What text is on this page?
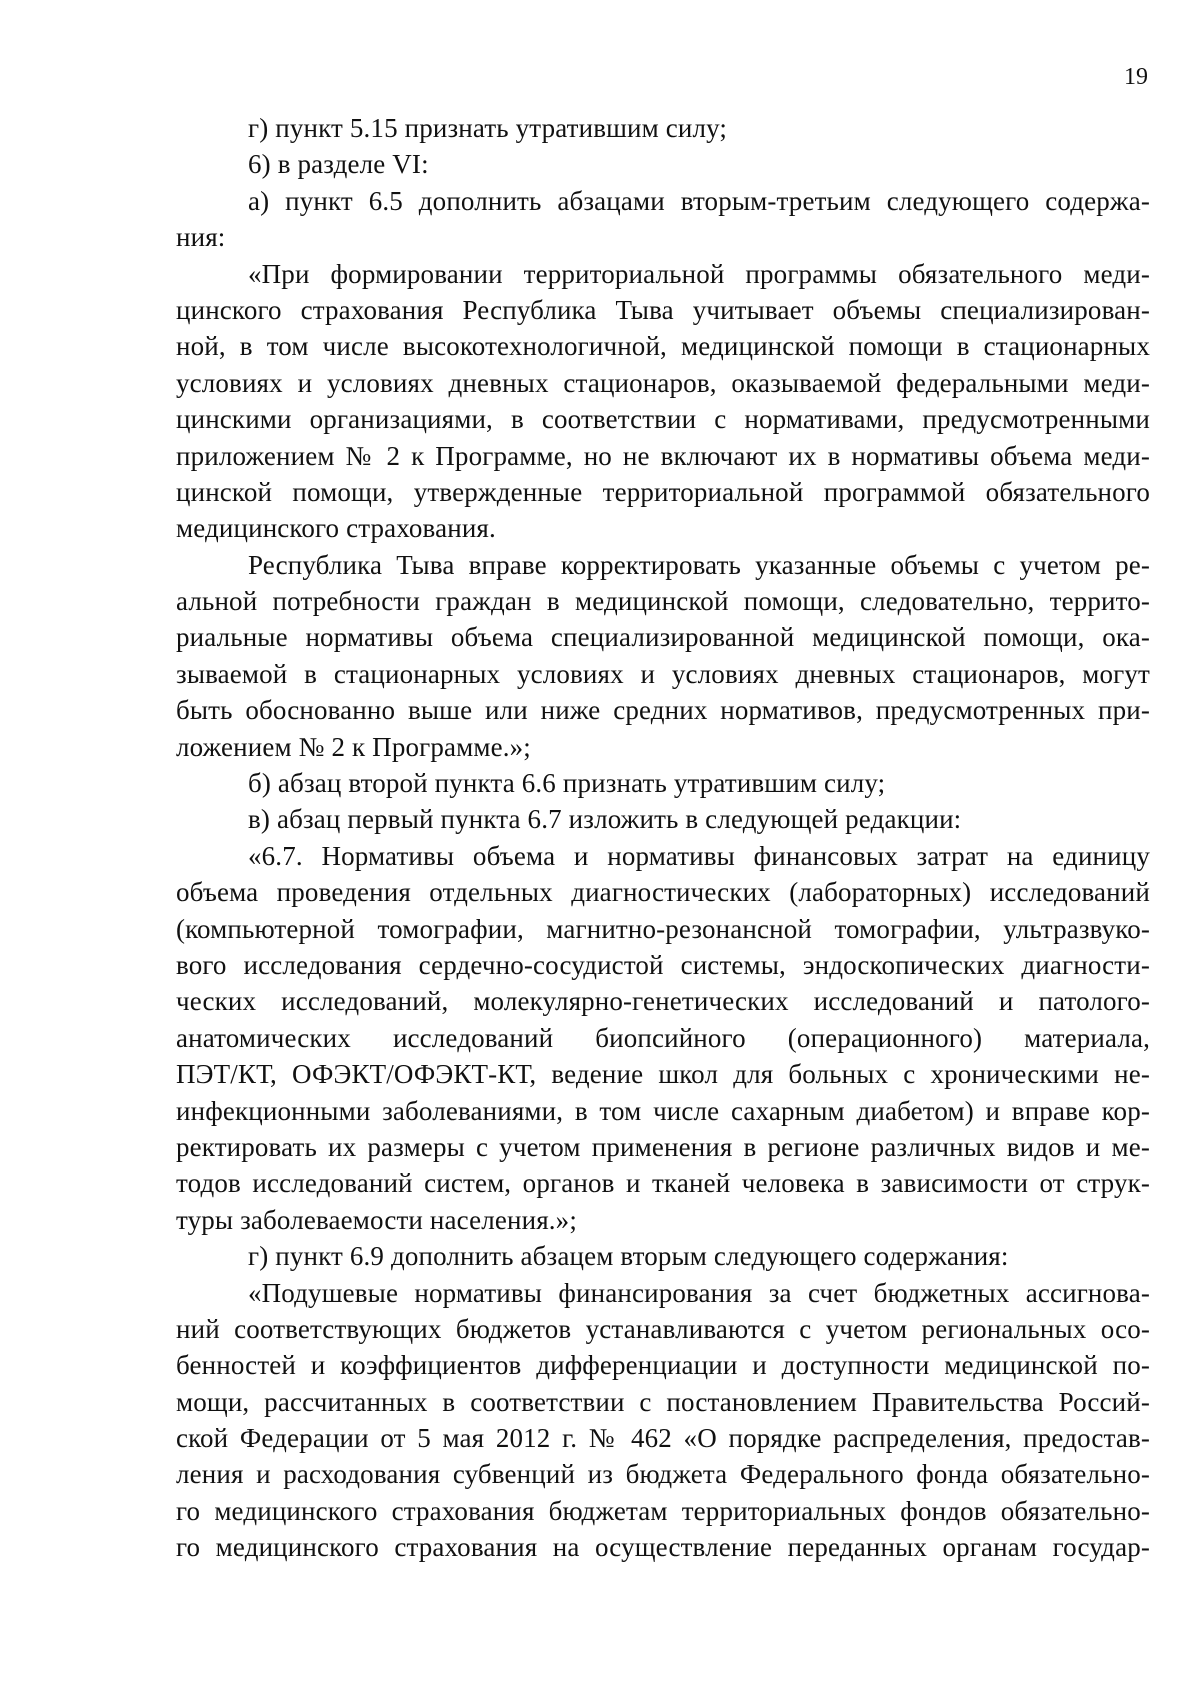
19
г) пункт 5.15 признать утратившим силу;
6) в разделе VI:
а) пункт 6.5 дополнить абзацами вторым-третьим следующего содержа-
ния:
«При формировании территориальной программы обязательного меди-
цинского страхования Республика Тыва учитывает объемы специализирован-
ной, в том числе высокотехнологичной, медицинской помощи в стационарных
условиях и условиях дневных стационаров, оказываемой федеральными меди-
цинскими организациями, в соответствии с нормативами, предусмотренными
приложением № 2 к Программе, но не включают их в нормативы объема меди-
цинской помощи, утвержденные территориальной программой обязательного
медицинского страхования.
Республика Тыва вправе корректировать указанные объемы с учетом ре-
альной потребности граждан в медицинской помощи, следовательно, террито-
риальные нормативы объема специализированной медицинской помощи, ока-
зываемой в стационарных условиях и условиях дневных стационаров, могут
быть обоснованно выше или ниже средних нормативов, предусмотренных при-
ложением № 2 к Программе.»;
б) абзац второй пункта 6.6 признать утратившим силу;
в) абзац первый пункта 6.7 изложить в следующей редакции:
«6.7. Нормативы объема и нормативы финансовых затрат на единицу
объема проведения отдельных диагностических (лабораторных) исследований
(компьютерной томографии, магнитно-резонансной томографии, ультразвуко-
вого исследования сердечно-сосудистой системы, эндоскопических диагности-
ческих исследований, молекулярно-генетических исследований и патолого-
анатомических исследований биопсийного (операционного) материала,
ПЭТ/КТ, ОФЭКТ/ОФЭКТ-КТ, ведение школ для больных с хроническими не-
инфекционными заболеваниями, в том числе сахарным диабетом) и вправе кор-
ректировать их размеры с учетом применения в регионе различных видов и ме-
тодов исследований систем, органов и тканей человека в зависимости от струк-
туры заболеваемости населения.»;
г) пункт 6.9 дополнить абзацем вторым следующего содержания:
«Подушевые нормативы финансирования за счет бюджетных ассигнова-
ний соответствующих бюджетов устанавливаются с учетом региональных осо-
бенностей и коэффициентов дифференциации и доступности медицинской по-
мощи, рассчитанных в соответствии с постановлением Правительства Россий-
ской Федерации от 5 мая 2012 г. № 462 «О порядке распределения, предостав-
ления и расходования субвенций из бюджета Федерального фонда обязательно-
го медицинского страхования бюджетам территориальных фондов обязательно-
го медицинского страхования на осуществление переданных органам государ-
